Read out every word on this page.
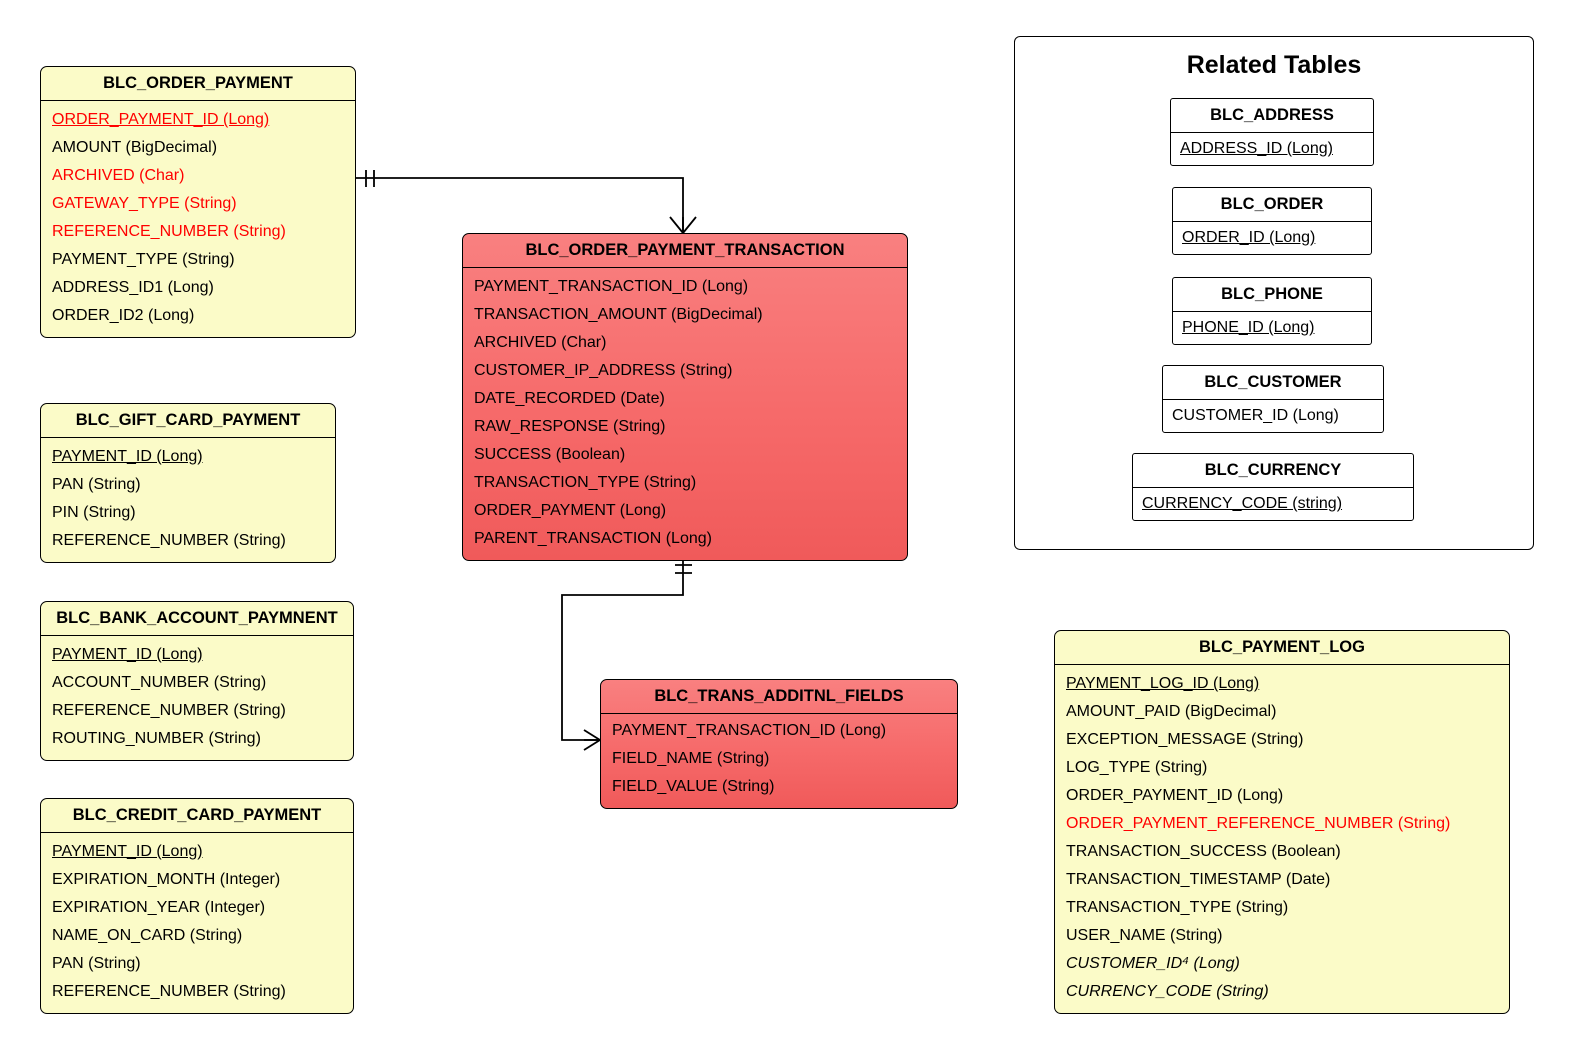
BLC_ORDER_PAYMENT
ORDER_PAYMENT_ID (Long)
AMOUNT (BigDecimal)
ARCHIVED (Char)
GATEWAY_TYPE (String)
REFERENCE_NUMBER (String)
PAYMENT_TYPE (String)
ADDRESS_ID1 (Long)
ORDER_ID2 (Long)
BLC_GIFT_CARD_PAYMENT
PAYMENT_ID (Long)
PAN (String)
PIN (String)
REFERENCE_NUMBER (String)
BLC_BANK_ACCOUNT_PAYMNENT
PAYMENT_ID (Long)
ACCOUNT_NUMBER (String)
REFERENCE_NUMBER (String)
ROUTING_NUMBER (String)
BLC_CREDIT_CARD_PAYMENT
PAYMENT_ID (Long)
EXPIRATION_MONTH (Integer)
EXPIRATION_YEAR (Integer)
NAME_ON_CARD (String)
PAN (String)
REFERENCE_NUMBER (String)
BLC_ORDER_PAYMENT_TRANSACTION
PAYMENT_TRANSACTION_ID (Long)
TRANSACTION_AMOUNT (BigDecimal)
ARCHIVED (Char)
CUSTOMER_IP_ADDRESS (String)
DATE_RECORDED (Date)
RAW_RESPONSE (String)
SUCCESS (Boolean)
TRANSACTION_TYPE (String)
ORDER_PAYMENT (Long)
PARENT_TRANSACTION (Long)
BLC_TRANS_ADDITNL_FIELDS
PAYMENT_TRANSACTION_ID (Long)
FIELD_NAME (String)
FIELD_VALUE (String)
BLC_PAYMENT_LOG
PAYMENT_LOG_ID (Long)
AMOUNT_PAID (BigDecimal)
EXCEPTION_MESSAGE (String)
LOG_TYPE (String)
ORDER_PAYMENT_ID (Long)
ORDER_PAYMENT_REFERENCE_NUMBER (String)
TRANSACTION_SUCCESS (Boolean)
TRANSACTION_TIMESTAMP (Date)
TRANSACTION_TYPE (String)
USER_NAME (String)
CUSTOMER_ID⁴ (Long)
CURRENCY_CODE (String)
Related Tables
BLC_ADDRESS
ADDRESS_ID (Long)
BLC_ORDER
ORDER_ID (Long)
BLC_PHONE
PHONE_ID (Long)
BLC_CUSTOMER
CUSTOMER_ID (Long)
BLC_CURRENCY
CURRENCY_CODE (string)
